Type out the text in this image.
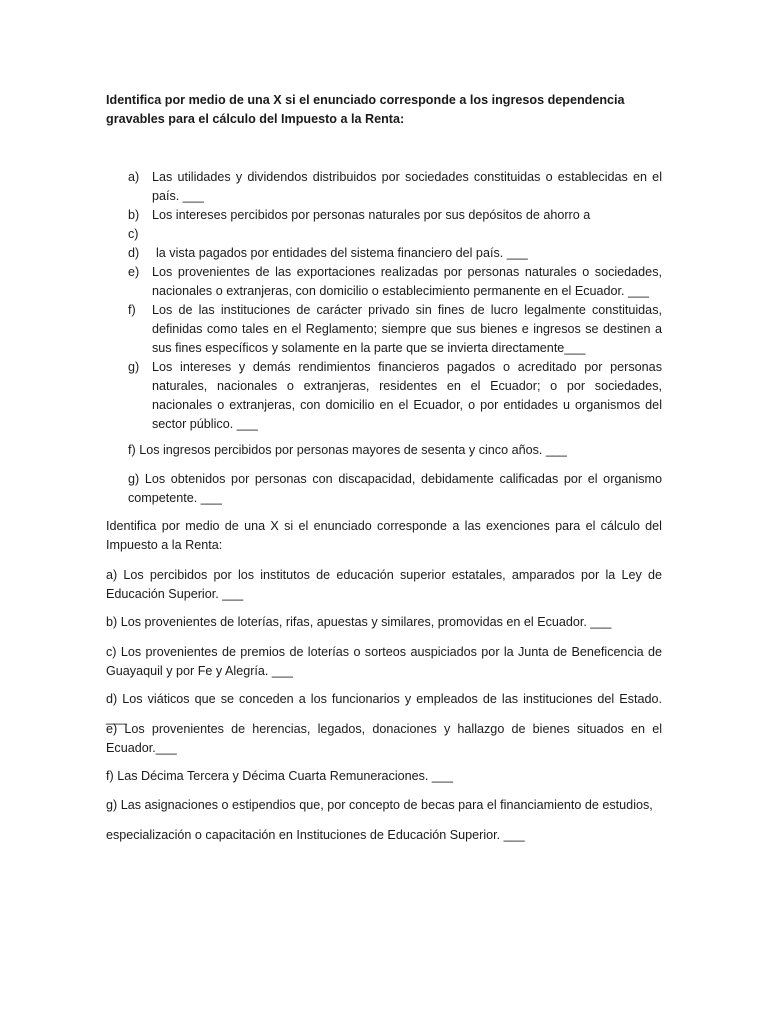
Identifica por medio de una X si el enunciado corresponde a los ingresos dependencia gravables para el cálculo del Impuesto a la Renta:

a)	Las utilidades y dividendos distribuidos por sociedades constituidas o establecidas en el país. ___
b)	Los intereses percibidos por personas naturales por sus depósitos de ahorro a
c)
d)	la vista pagados por entidades del sistema financiero del país. ___
e)	Los provenientes de las exportaciones realizadas por personas naturales o sociedades, nacionales o extranjeras, con domicilio o establecimiento permanente en el Ecuador. ___
f)	Los de las instituciones de carácter privado sin fines de lucro legalmente constituidas, definidas como tales en el Reglamento; siempre que sus bienes e ingresos se destinen a sus fines específicos y solamente en la parte que se invierta directamente___
g)	Los intereses y demás rendimientos financieros pagados o acreditado por personas naturales, nacionales o extranjeras, residentes en el Ecuador; o por sociedades, nacionales o extranjeras, con domicilio en el Ecuador, o por entidades u organismos del sector público. ___

f) Los ingresos percibidos por personas mayores de sesenta y cinco años. ___

g) Los obtenidos por personas con discapacidad, debidamente calificadas por el organismo competente. ___

Identifica por medio de una X si el enunciado corresponde a las exenciones para el cálculo del Impuesto a la Renta:

a) Los percibidos por los institutos de educación superior estatales, amparados por la Ley de Educación Superior. ___

b) Los provenientes de loterías, rifas, apuestas y similares, promovidas en el Ecuador. ___

c) Los provenientes de premios de loterías o sorteos auspiciados por la Junta de Beneficencia de Guayaquil y por Fe y Alegría. ___

d) Los viáticos que se conceden a los funcionarios y empleados de las instituciones del Estado. ___

e) Los provenientes de herencias, legados, donaciones y hallazgo de bienes situados en el Ecuador.___

f) Las Décima Tercera y Décima Cuarta Remuneraciones. ___

g) Las asignaciones o estipendios que, por concepto de becas para el financiamiento de estudios,

especialización o capacitación en Instituciones de Educación Superior. ___
